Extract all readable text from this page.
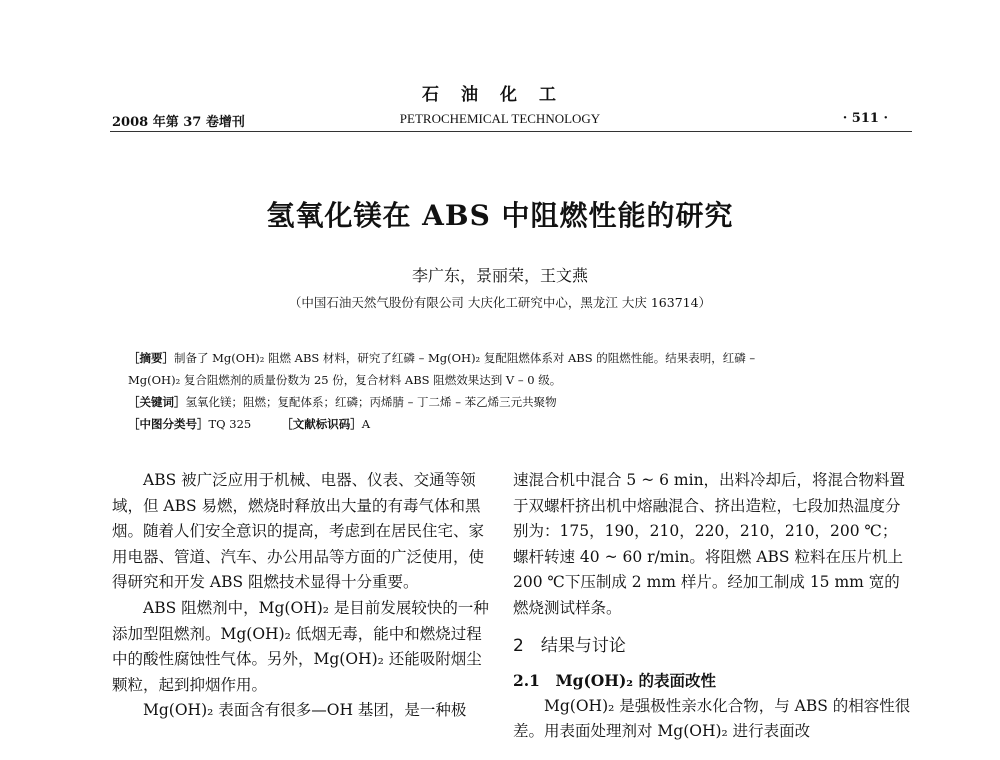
石油化工
2008 年第 37 卷增刊	PETROCHEMICAL TECHNOLOGY	· 511 ·
氢氧化镁在 ABS 中阻燃性能的研究
李广东，景丽荣，王文燕
（中国石油天然气股份有限公司 大庆化工研究中心，黑龙江 大庆 163714）
［摘要］制备了 Mg(OH)₂ 阻燃 ABS 材料，研究了红磷 – Mg(OH)₂ 复配阻燃体系对 ABS 的阻燃性能。结果表明，红磷 –
Mg(OH)₂ 复合阻燃剂的质量份数为 25 份，复合材料 ABS 阻燃效果达到 V – 0 级。
［关键词］氢氧化镁；阻燃；复配体系；红磷；丙烯腈 – 丁二烯 – 苯乙烯三元共聚物
［中图分类号］TQ 325	［文献标识码］A

ABS 被广泛应用于机械、电器、仪表、交通等领域，但 ABS 易燃，燃烧时释放出大量的有毒气体和黑烟。随着人们安全意识的提高，考虑到在居民住宅、家用电器、管道、汽车、办公用品等方面的广泛使用，使得研究和开发 ABS 阻燃技术显得十分重要。

ABS 阻燃剂中，Mg(OH)₂ 是目前发展较快的一种添加型阻燃剂。Mg(OH)₂ 低烟无毒，能中和燃烧过程中的酸性腐蚀性气体。另外，Mg(OH)₂ 还能吸附烟尘颗粒，起到抑烟作用。

Mg(OH)₂ 表面含有很多—OH 基团，是一种极

速混合机中混合 5 ~ 6 min，出料冷却后，将混合物料置于双螺杆挤出机中熔融混合、挤出造粒，七段加热温度分别为：175，190，210，220，210，210，200 ℃；螺杆转速 40 ~ 60 r/min。将阻燃 ABS 粒料在压片机上 200 ℃下压制成 2 mm 样片。经加工制成 15 mm 宽的燃烧测试样条。

2　结果与讨论
2.1　Mg(OH)₂ 的表面改性

Mg(OH)₂ 是强极性亲水化合物，与 ABS 的相容性很差。用表面处理剂对 Mg(OH)₂ 进行表面改
